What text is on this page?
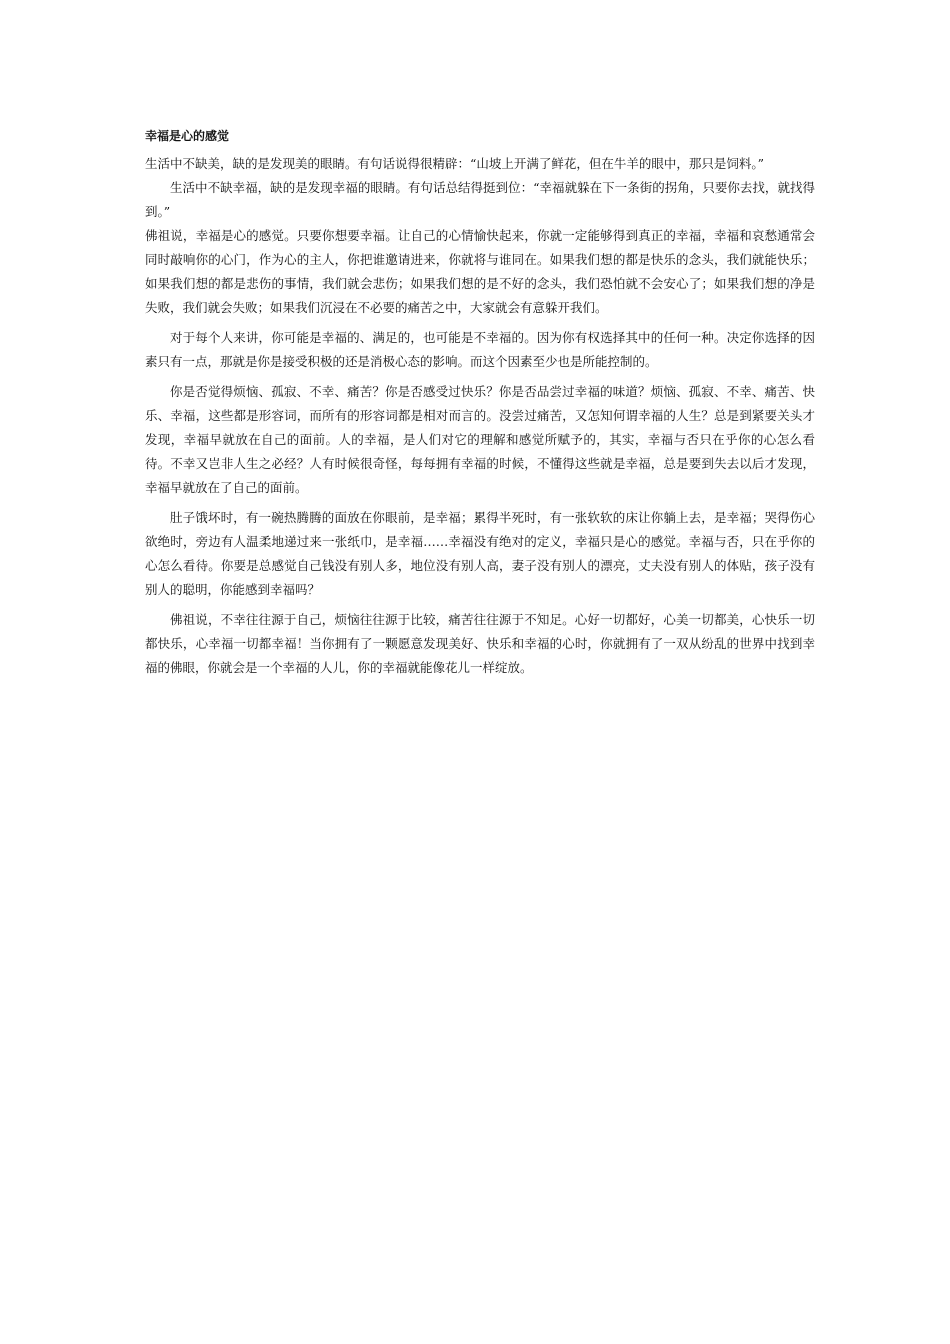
幸福是心的感觉

生活中不缺美，缺的是发现美的眼睛。有句话说得很精辟：“山坡上开满了鲜花，但在牛羊的眼中，那只是饲料。”

生活中不缺幸福，缺的是发现幸福的眼睛。有句话总结得挺到位：“幸福就躲在下一条街的拐角，只要你去找，就找得到。”

佛祖说，幸福是心的感觉。只要你想要幸福。让自己的心情愉快起来，你就一定能够得到真正的幸福，幸福和哀愁通常会同时敲响你的心门，作为心的主人，你把谁邀请进来，你就将与谁同在。如果我们想的都是快乐的念头，我们就能快乐；如果我们想的都是悲伤的事情，我们就会悲伤；如果我们想的是不好的念头，我们恐怕就不会安心了；如果我们想的净是失败，我们就会失败；如果我们沉浸在不必要的痛苦之中，大家就会有意躲开我们。

对于每个人来讲，你可能是幸福的、满足的，也可能是不幸福的。因为你有权选择其中的任何一种。决定你选择的因素只有一点，那就是你是接受积极的还是消极心态的影响。而这个因素至少也是所能控制的。

你是否觉得烦恼、孤寂、不幸、痛苦？你是否感受过快乐？你是否品尝过幸福的味道？烦恼、孤寂、不幸、痛苦、快乐、幸福，这些都是形容词，而所有的形容词都是相对而言的。没尝过痛苦，又怎知何谓幸福的人生？总是到紧要关头才发现，幸福早就放在自己的面前。人的幸福，是人们对它的理解和感觉所赋予的，其实，幸福与否只在乎你的心怎么看待。不幸又岂非人生之必经？人有时候很奇怪，每每拥有幸福的时候，不懂得这些就是幸福，总是要到失去以后才发现，幸福早就放在了自己的面前。

肚子饿坏时，有一碗热腾腾的面放在你眼前，是幸福；累得半死时，有一张软软的床让你躺上去，是幸福；哭得伤心欲绝时，旁边有人温柔地递过来一张纸巾，是幸福……幸福没有绝对的定义，幸福只是心的感觉。幸福与否，只在乎你的心怎么看待。你要是总感觉自己钱没有别人多，地位没有别人高，妻子没有别人的漂亮，丈夫没有别人的体贴，孩子没有别人的聪明，你能感到幸福吗？

佛祖说，不幸往往源于自己，烦恼往往源于比较，痛苦往往源于不知足。心好一切都好，心美一切都美，心快乐一切都快乐，心幸福一切都幸福！当你拥有了一颗愿意发现美好、快乐和幸福的心时，你就拥有了一双从纷乱的世界中找到幸福的佛眼，你就会是一个幸福的人儿，你的幸福就能像花儿一样绽放。
